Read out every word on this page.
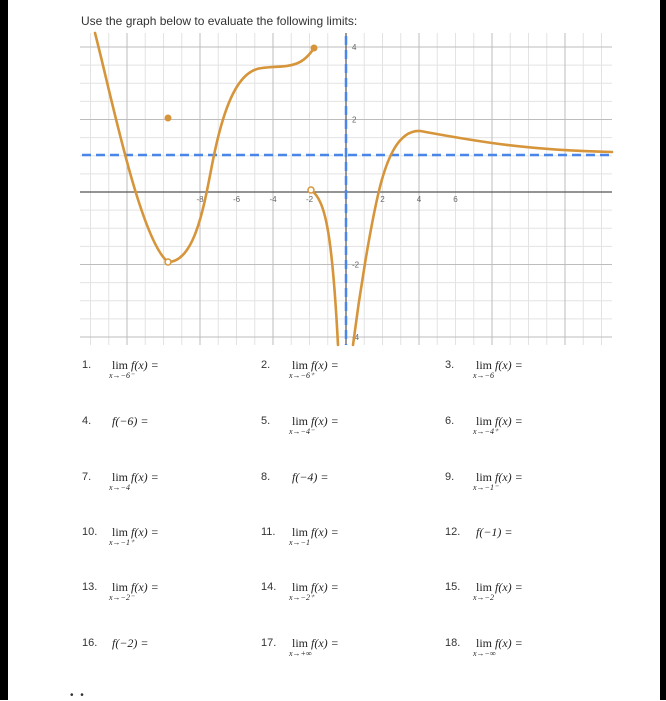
Use the graph below to evaluate the following limits:
-8	-6	-4	-2	2	4	6
4
2
-2
-4
1. lim
x→−6⁻
f(x) =	2. lim
x→−6⁺
f(x) =	3. lim
x→−6
f(x) =
4. f(−6) =	5. lim
x→−4⁻
f(x) =	6. lim
x→−4⁺
f(x) =
7. lim
x→−4
f(x) =	8. f(−4) =	9. lim
x→−1⁻
f(x) =
10. lim
x→−1⁺
f(x) =	11. lim
x→−1
f(x) =	12. f(−1) =
13. lim
x→−2⁻
f(x) =	14. lim
x→−2⁺
f(x) =	15. lim
x→−2
f(x) =
16. f(−2) =	17. lim
x→+∞
f(x) =	18. lim
x→−∞
f(x) =
• •
